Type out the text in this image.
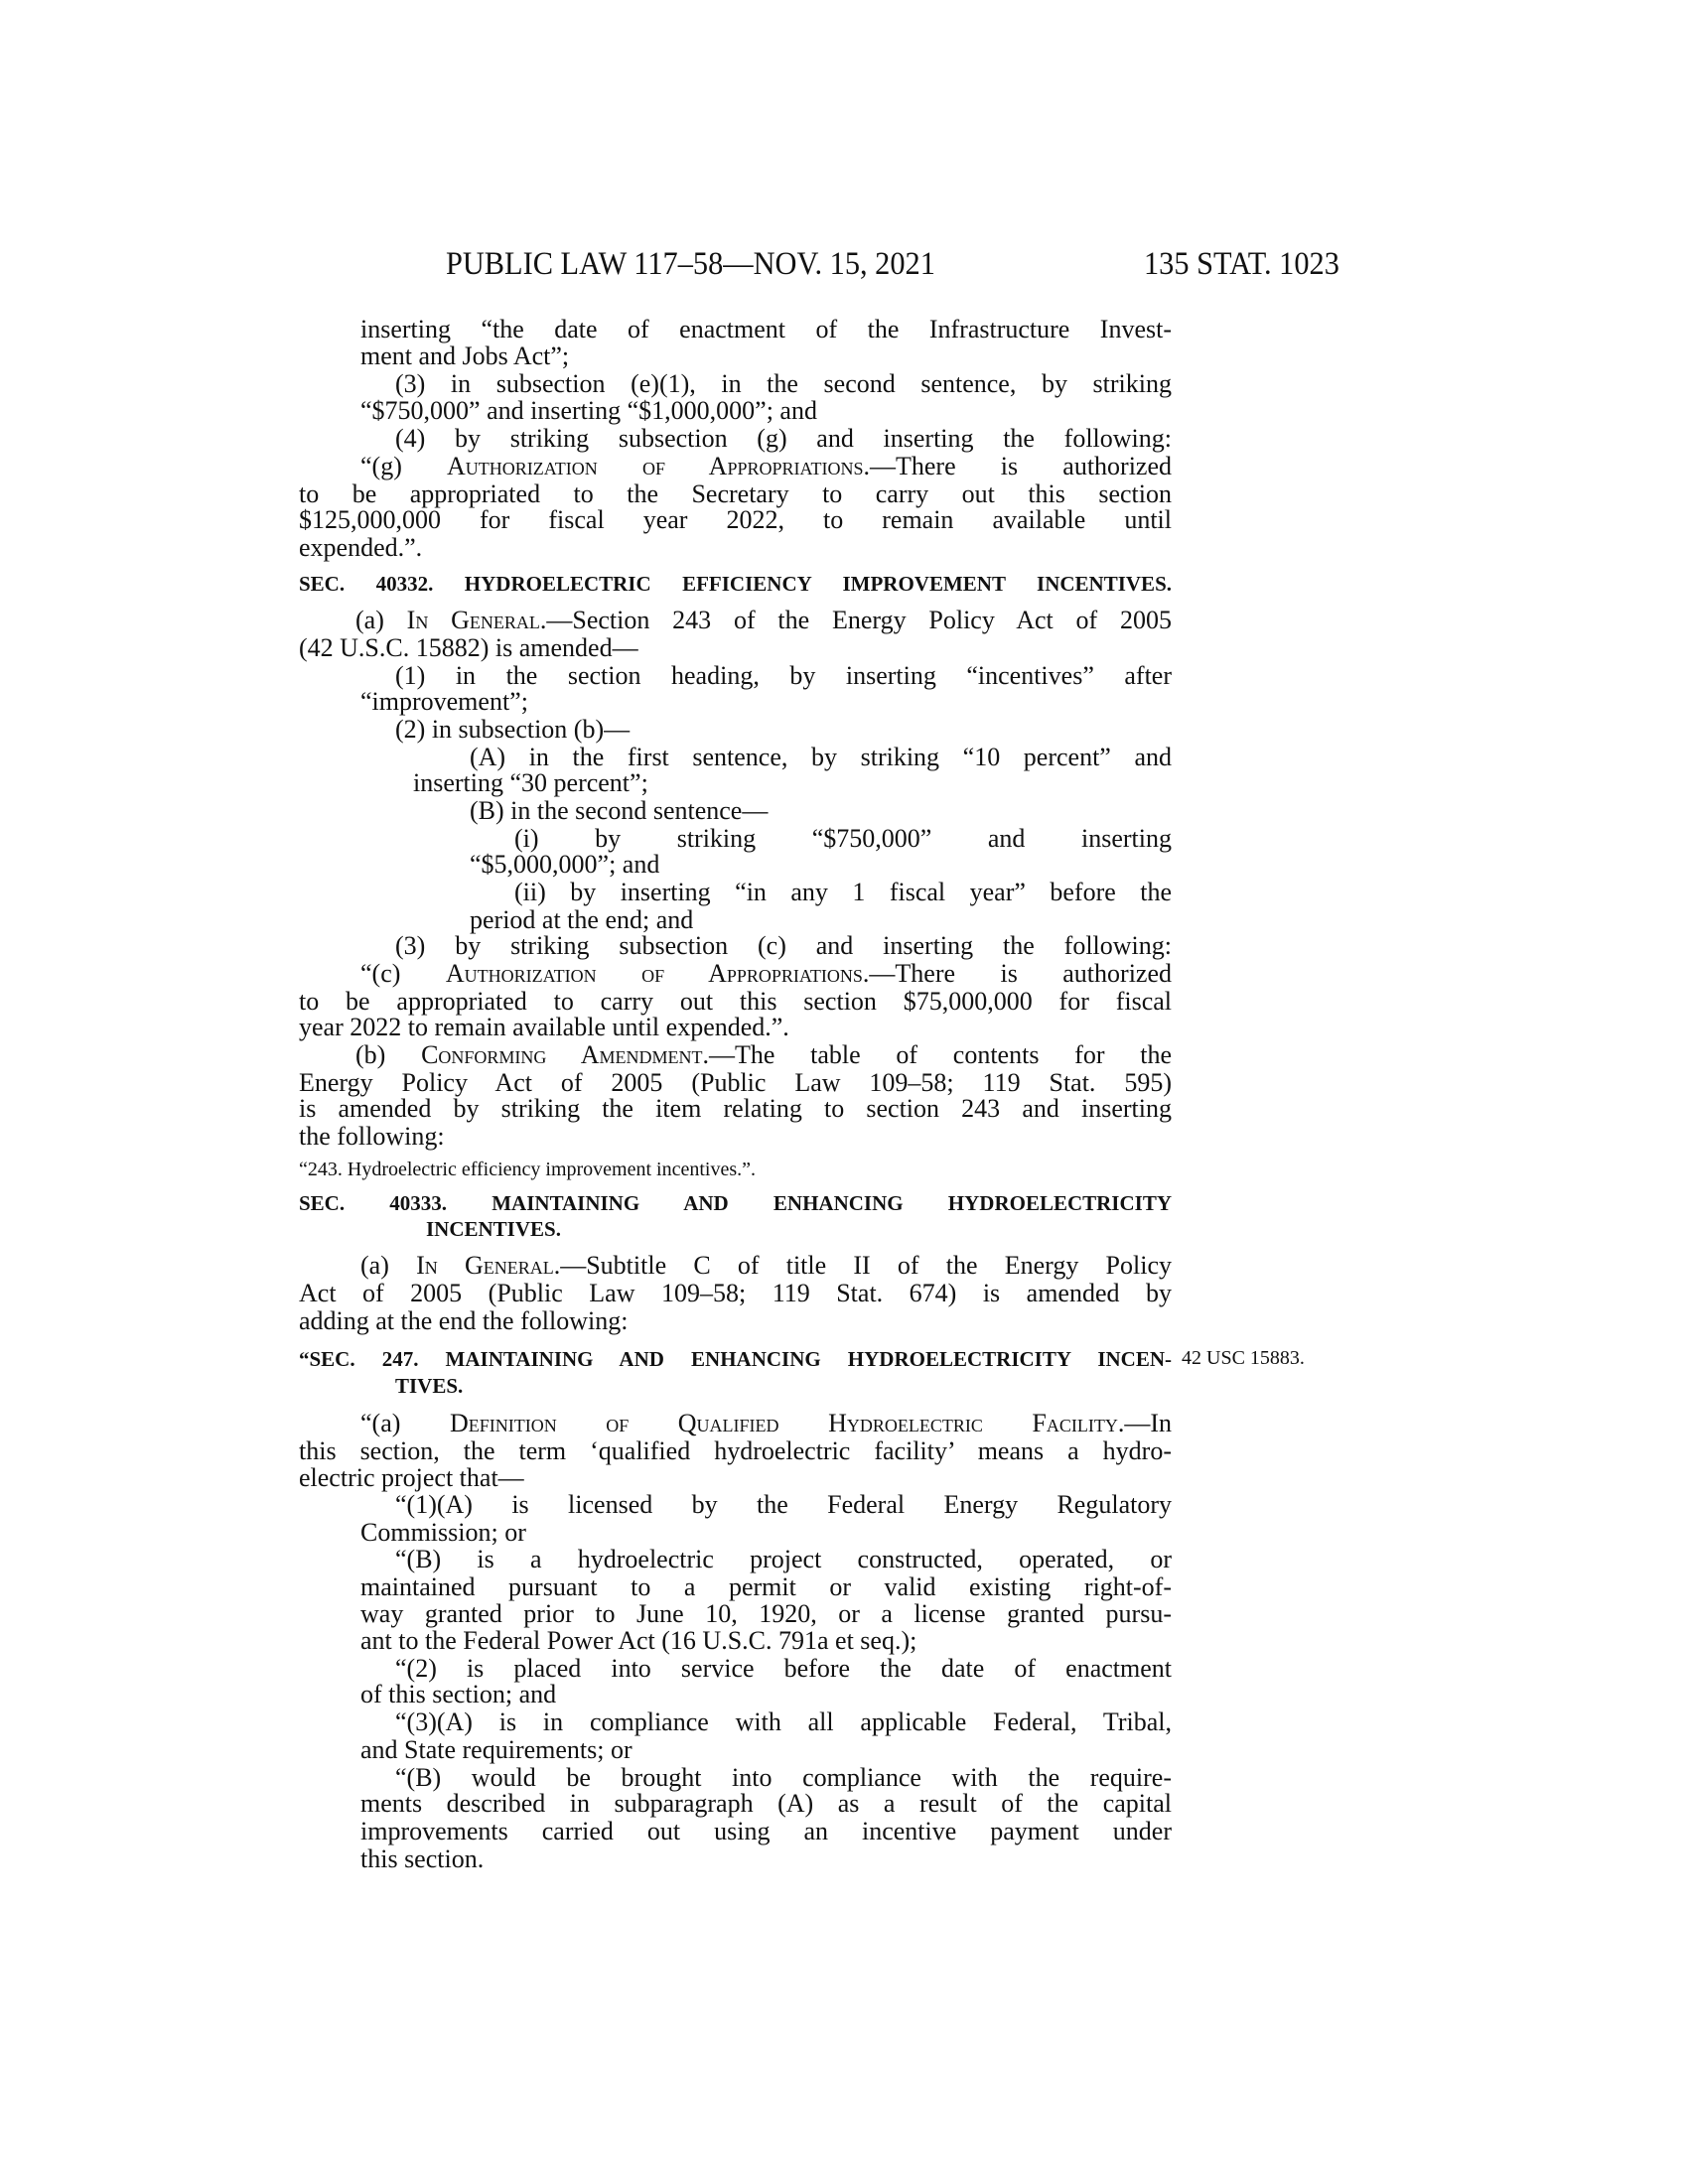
PUBLIC LAW 117–58—NOV. 15, 2021	135 STAT. 1023
42 USC 15883.
inserting “the date of enactment of the Infrastructure Invest-
ment and Jobs Act”;
(3) in subsection (e)(1), in the second sentence, by striking
“$750,000” and inserting “$1,000,000”; and
(4) by striking subsection (g) and inserting the following:
“(g) Authorization of Appropriations.—There is authorized
to be appropriated to the Secretary to carry out this section
$125,000,000 for fiscal year 2022, to remain available until
expended.”.
SEC. 40332. HYDROELECTRIC EFFICIENCY IMPROVEMENT INCENTIVES.
(a) In General.—Section 243 of the Energy Policy Act of 2005
(42 U.S.C. 15882) is amended—
(1) in the section heading, by inserting “incentives” after
“improvement”;
(2) in subsection (b)—
(A) in the first sentence, by striking “10 percent” and
inserting “30 percent”;
(B) in the second sentence—
(i) by striking “$750,000” and inserting
“$5,000,000”; and
(ii) by inserting “in any 1 fiscal year” before the
period at the end; and
(3) by striking subsection (c) and inserting the following:
“(c) Authorization of Appropriations.—There is authorized
to be appropriated to carry out this section $75,000,000 for fiscal
year 2022 to remain available until expended.”.
(b) Conforming Amendment.—The table of contents for the
Energy Policy Act of 2005 (Public Law 109–58; 119 Stat. 595)
is amended by striking the item relating to section 243 and inserting
the following:
“243. Hydroelectric efficiency improvement incentives.”.
SEC. 40333. MAINTAINING AND ENHANCING HYDROELECTRICITY
INCENTIVES.
(a) In General.—Subtitle C of title II of the Energy Policy
Act of 2005 (Public Law 109–58; 119 Stat. 674) is amended by
adding at the end the following:
“SEC. 247. MAINTAINING AND ENHANCING HYDROELECTRICITY INCEN-
TIVES.
“(a) Definition of Qualified Hydroelectric Facility.—In
this section, the term ‘qualified hydroelectric facility’ means a hydro-
electric project that—
“(1)(A) is licensed by the Federal Energy Regulatory
Commission; or
“(B) is a hydroelectric project constructed, operated, or
maintained pursuant to a permit or valid existing right-of-
way granted prior to June 10, 1920, or a license granted pursu-
ant to the Federal Power Act (16 U.S.C. 791a et seq.);
“(2) is placed into service before the date of enactment
of this section; and
“(3)(A) is in compliance with all applicable Federal, Tribal,
and State requirements; or
“(B) would be brought into compliance with the require-
ments described in subparagraph (A) as a result of the capital
improvements carried out using an incentive payment under
this section.
